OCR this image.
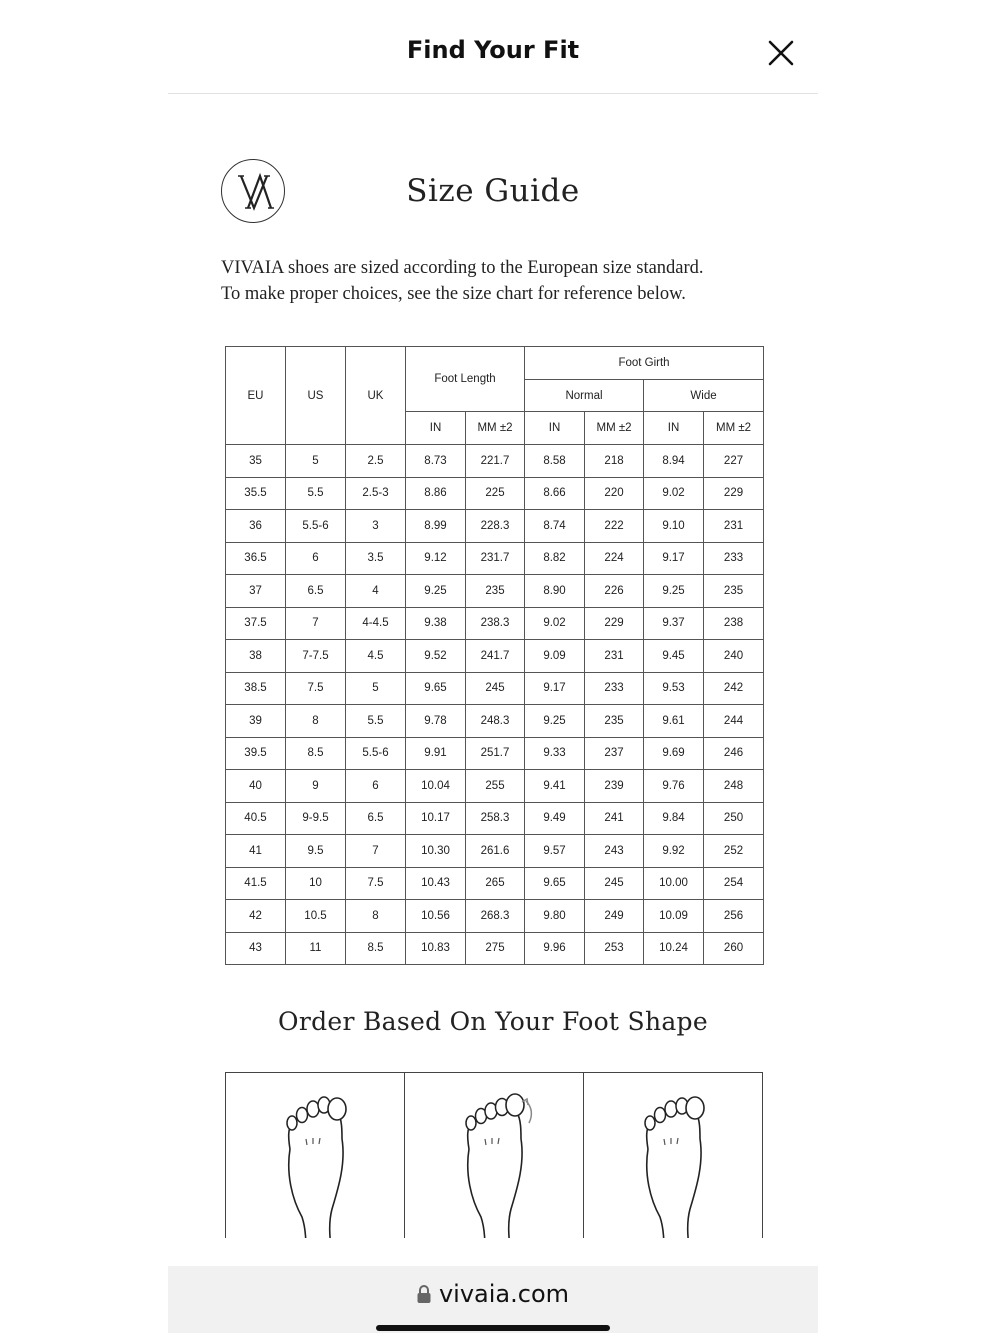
Find Your Fit
Size Guide
VIVAIA shoes are sized according to the European size standard.
To make proper choices, see the size chart for reference below.
EU	US	UK	Foot Length		Foot Girth			
					Normal		Wide	
			IN	MM ±2	IN	MM ±2	IN	MM ±2
35	5	2.5	8.73	221.7	8.58	218	8.94	227
35.5	5.5	2.5-3	8.86	225	8.66	220	9.02	229
36	5.5-6	3	8.99	228.3	8.74	222	9.10	231
36.5	6	3.5	9.12	231.7	8.82	224	9.17	233
37	6.5	4	9.25	235	8.90	226	9.25	235
37.5	7	4-4.5	9.38	238.3	9.02	229	9.37	238
38	7-7.5	4.5	9.52	241.7	9.09	231	9.45	240
38.5	7.5	5	9.65	245	9.17	233	9.53	242
39	8	5.5	9.78	248.3	9.25	235	9.61	244
39.5	8.5	5.5-6	9.91	251.7	9.33	237	9.69	246
40	9	6	10.04	255	9.41	239	9.76	248
40.5	9-9.5	6.5	10.17	258.3	9.49	241	9.84	250
41	9.5	7	10.30	261.6	9.57	243	9.92	252
41.5	10	7.5	10.43	265	9.65	245	10.00	254
42	10.5	8	10.56	268.3	9.80	249	10.09	256
43	11	8.5	10.83	275	9.96	253	10.24	260
Order Based On Your Foot Shape
vivaia.com
